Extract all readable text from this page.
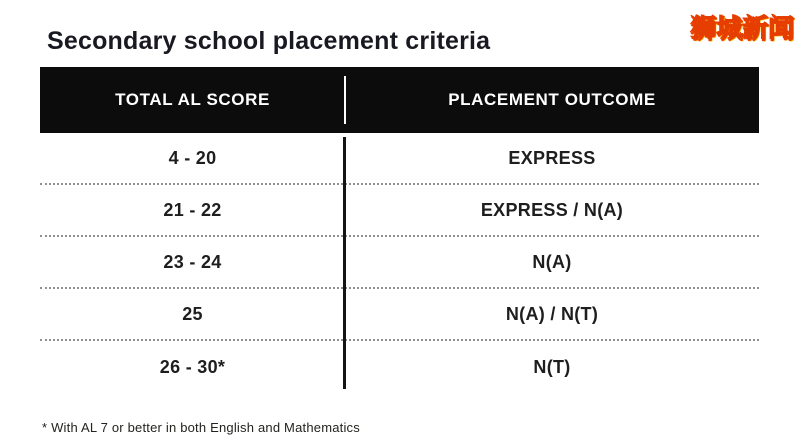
Secondary school placement criteria	狮城新闻
TOTAL AL SCORE	PLACEMENT OUTCOME
4 - 20	EXPRESS
21 - 22	EXPRESS / N(A)
23 - 24	N(A)
25	N(A) / N(T)
26 - 30*	N(T)
* With AL 7 or better in both English and Mathematics
